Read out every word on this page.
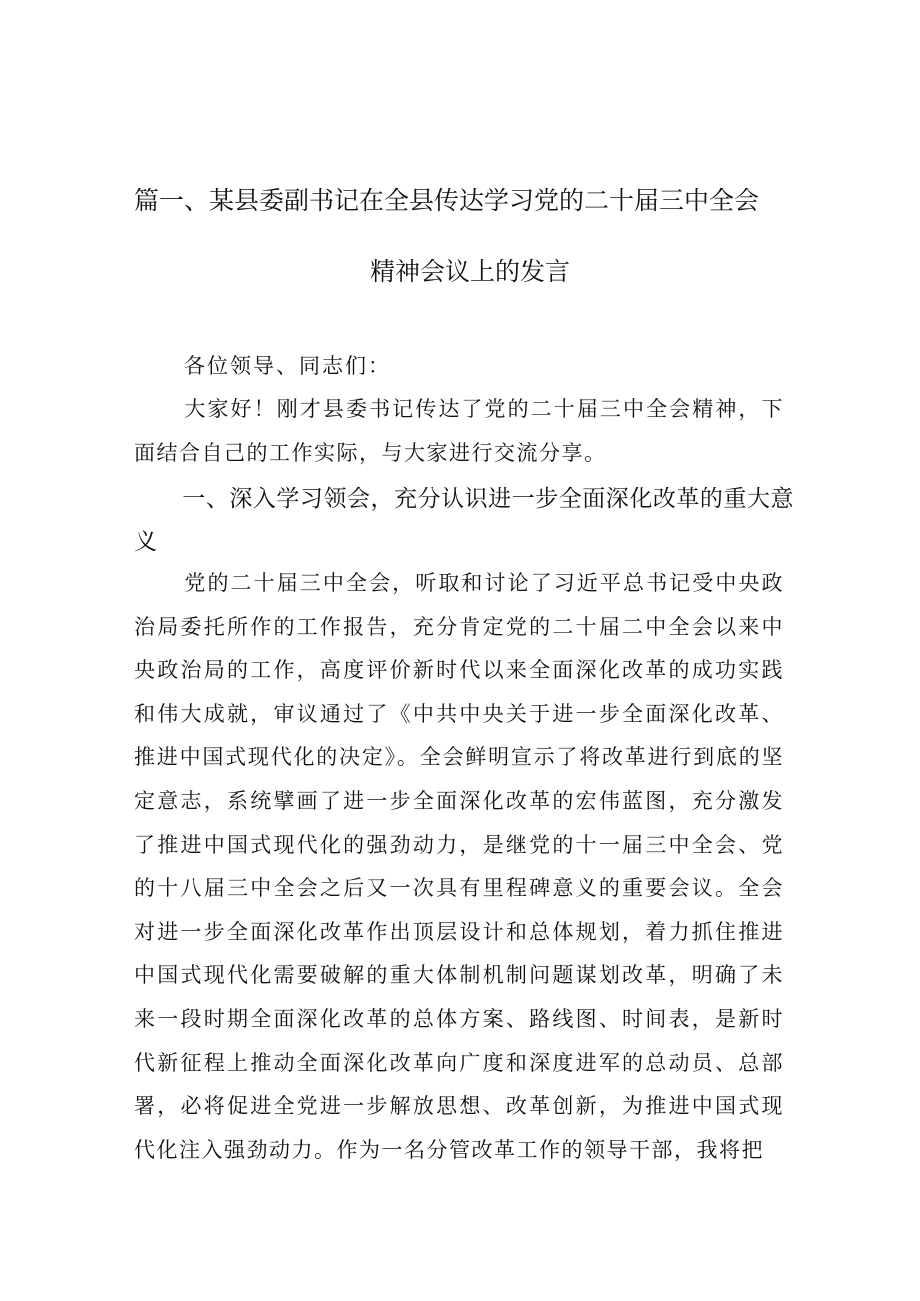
篇一、某县委副书记在全县传达学习党的二十届三中全会
精神会议上的发言
各位领导、同志们：
大家好！刚才县委书记传达了党的二十届三中全会精神，下面结合自己的工作实际，与大家进行交流分享。
一、深入学习领会，充分认识进一步全面深化改革的重大意义
党的二十届三中全会，听取和讨论了习近平总书记受中央政治局委托所作的工作报告，充分肯定党的二十届二中全会以来中央政治局的工作，高度评价新时代以来全面深化改革的成功实践和伟大成就，审议通过了《中共中央关于进一步全面深化改革、推进中国式现代化的决定》。全会鲜明宣示了将改革进行到底的坚定意志，系统擘画了进一步全面深化改革的宏伟蓝图，充分激发了推进中国式现代化的强劲动力，是继党的十一届三中全会、党的十八届三中全会之后又一次具有里程碑意义的重要会议。全会对进一步全面深化改革作出顶层设计和总体规划，着力抓住推进中国式现代化需要破解的重大体制机制问题谋划改革，明确了未来一段时期全面深化改革的总体方案、路线图、时间表，是新时代新征程上推动全面深化改革向广度和深度进军的总动员、总部署，必将促进全党进一步解放思想、改革创新，为推进中国式现代化注入强劲动力。作为一名分管改革工作的领导干部，我将把
